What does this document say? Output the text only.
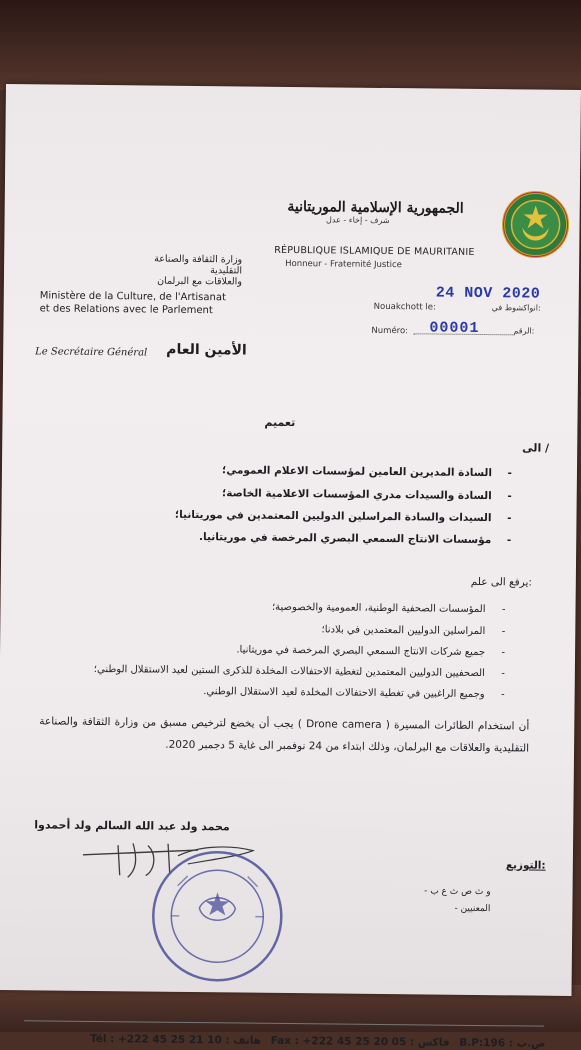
الجمهورية الإسلامية الموريتانية
شرف - إخاء - عدل
RÉPUBLIQUE ISLAMIQUE DE MAURITANIE
Honneur - Fraternité Justice
وزارة الثقافة والصناعة التقليدية
والعلاقات مع البرلمان
Ministère de la Culture, de l'Artisanat
et des Relations avec le Parlement	Nouakchott le:
24 NOV 2020
انواكشوط في:
Numéro: 00001	الرقم:
Le Secrétaire Général الأمين العام
تعميم
الى /
-
السادة المديرين العامين لمؤسسات الاعلام العمومي؛
-
السادة والسيدات مدري المؤسسات الاعلامية الخاصة؛
-
السيدات والسادة المراسلين الدوليين المعتمدين في موريتانيا؛
-
مؤسسات الانتاج السمعي البصري المرخصة في موريتانيا.
يرفع الى علم:
-
المؤسسات الصحفية الوطنية، العمومية والخصوصية؛
-
المراسلين الدوليين المعتمدين في بلادنا؛
-
جميع شركات الانتاج السمعي البصري المرخصة في موريتانيا.
-
الصحفيين الدوليين المعتمدين لتغطية الاحتفالات المخلدة للذكرى الستين لعيد الاستقلال الوطني؛
-
وجميع الراغبين في تغطية الاحتفالات المخلدة لعيد الاستقلال الوطني.
أن استخدام الطائرات المسيرة ( Drone camera ) يجب أن يخضع لترخيص مسبق من وزارة الثقافة والصناعة التقليدية والعلاقات مع البرلمان، وذلك ابتداء من 24 نوفمبر الى غاية 5 دجمبر 2020.
محمد ولد عبد الله السالم ولد أحمدوا
التوزيع:
و ث ص ث ع ب -
المعنيين -
Tél : +222 45 25 21 10 : هاتف Fax : +222 45 25 20 05 : فاكس B.P:196 : ص.ب
